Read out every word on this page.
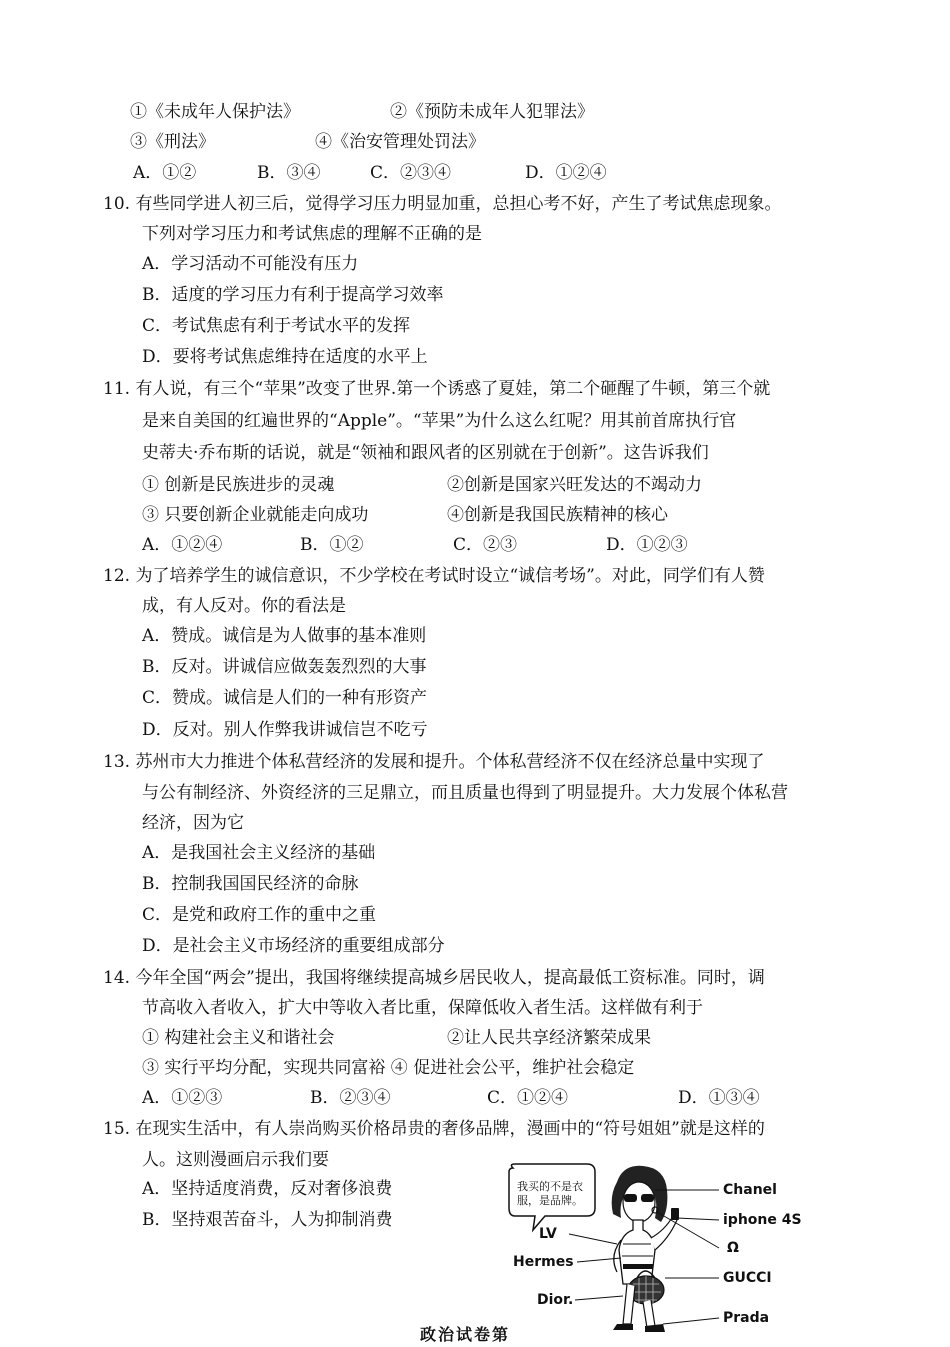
①《未成年人保护法》	②《预防未成年人犯罪法》
③《刑法》	④《治安管理处罚法》
A．①②	B．③④	C．②③④	D．①②④
10. 有些同学进人初三后，觉得学习压力明显加重，总担心考不好，产生了考试焦虑现象。
下列对学习压力和考试焦虑的理解不正确的是
A．学习活动不可能没有压力
B．适度的学习压力有利于提高学习效率
C．考试焦虑有利于考试水平的发挥
D．要将考试焦虑维持在适度的水平上
11. 有人说，有三个“苹果”改变了世界.第一个诱惑了夏娃，第二个砸醒了牛顿，第三个就
是来自美国的红遍世界的“Apple”。“苹果”为什么这么红呢？用其前首席执行官
史蒂夫·乔布斯的话说，就是“领袖和跟风者的区别就在于创新”。这告诉我们
① 创新是民族进步的灵魂	②创新是国家兴旺发达的不竭动力
③ 只要创新企业就能走向成功	④创新是我国民族精神的核心
A．①②④	B．①②	C．②③	D．①②③
12. 为了培养学生的诚信意识，不少学校在考试时设立“诚信考场”。对此，同学们有人赞
成，有人反对。你的看法是
A．赞成。诚信是为人做事的基本准则
B．反对。讲诚信应做轰轰烈烈的大事
C．赞成。诚信是人们的一种有形资产
D．反对。别人作弊我讲诚信岂不吃亏
13. 苏州市大力推进个体私营经济的发展和提升。个体私营经济不仅在经济总量中实现了
与公有制经济、外资经济的三足鼎立，而且质量也得到了明显提升。大力发展个体私营
经济，因为它
A．是我国社会主义经济的基础
B．控制我国国民经济的命脉
C．是党和政府工作的重中之重
D．是社会主义市场经济的重要组成部分
14. 今年全国“两会”提出，我国将继续提高城乡居民收人，提高最低工资标准。同时，调
节高收入者收入，扩大中等收入者比重，保障低收入者生活。这样做有利于
① 构建社会主义和谐社会	②让人民共享经济繁荣成果
③ 实行平均分配，实现共同富裕 ④ 促进社会公平，维护社会稳定
A．①②③	B．②③④	C．①②④	D．①③④
15. 在现实生活中，有人崇尚购买价格昂贵的奢侈品牌，漫画中的“符号姐姐”就是这样的
人。这则漫画启示我们要
A．坚持适度消费，反对奢侈浪费
B．坚持艰苦奋斗，人为抑制消费
我买的不是衣服，是品牌。
Chanel
iphone 4S
Ω
LV
Hermes
GUCCI
Dior.
Prada
政治试卷第
